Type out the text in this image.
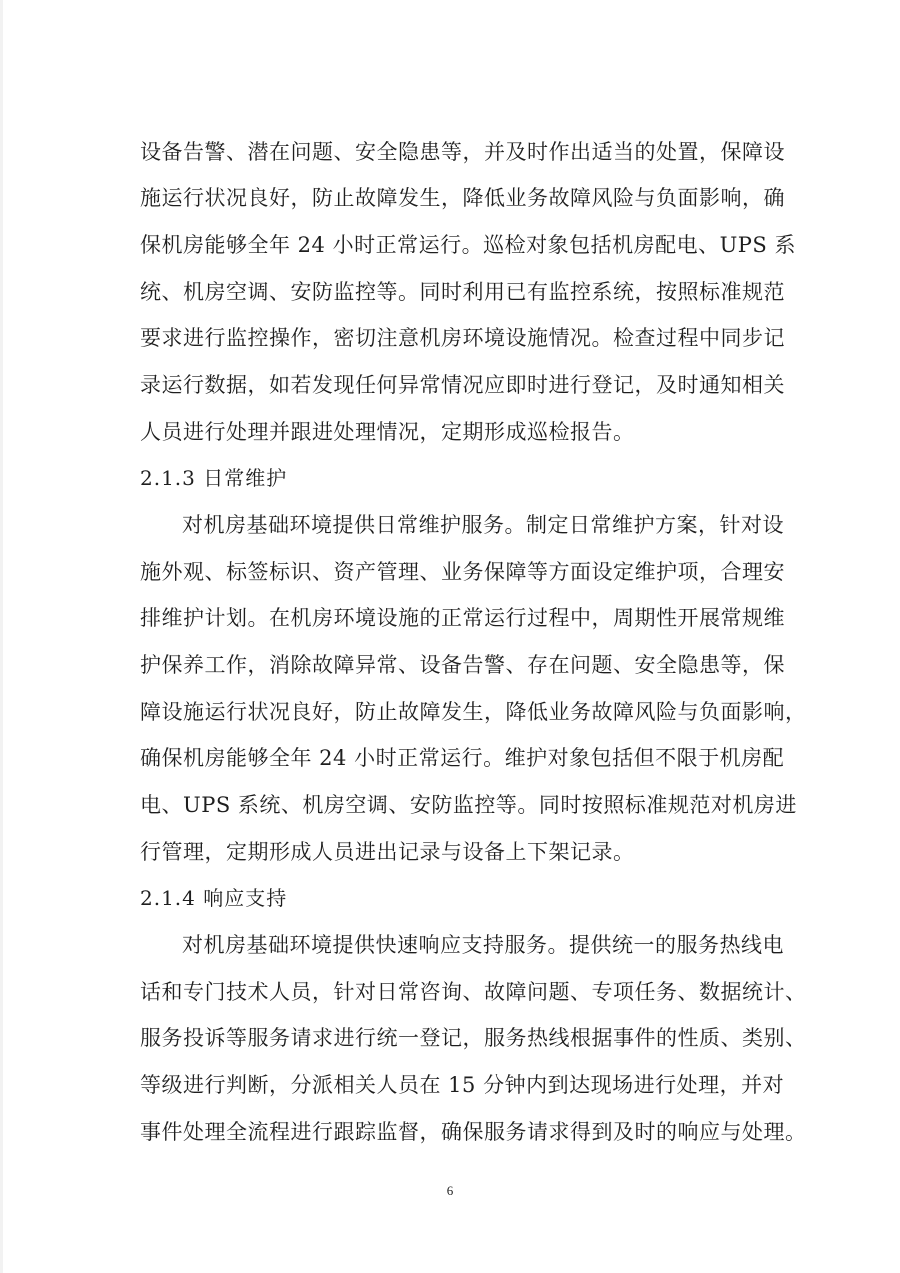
设备告警、潜在问题、安全隐患等，并及时作出适当的处置，保障设
施运行状况良好，防止故障发生，降低业务故障风险与负面影响，确
保机房能够全年 24 小时正常运行。巡检对象包括机房配电、UPS 系
统、机房空调、安防监控等。同时利用已有监控系统，按照标准规范
要求进行监控操作，密切注意机房环境设施情况。检查过程中同步记
录运行数据，如若发现任何异常情况应即时进行登记，及时通知相关
人员进行处理并跟进处理情况，定期形成巡检报告。
2.1.3 日常维护
对机房基础环境提供日常维护服务。制定日常维护方案，针对设
施外观、标签标识、资产管理、业务保障等方面设定维护项，合理安
排维护计划。在机房环境设施的正常运行过程中，周期性开展常规维
护保养工作，消除故障异常、设备告警、存在问题、安全隐患等，保
障设施运行状况良好，防止故障发生，降低业务故障风险与负面影响，
确保机房能够全年 24 小时正常运行。维护对象包括但不限于机房配
电、UPS 系统、机房空调、安防监控等。同时按照标准规范对机房进
行管理，定期形成人员进出记录与设备上下架记录。
2.1.4 响应支持
对机房基础环境提供快速响应支持服务。提供统一的服务热线电
话和专门技术人员，针对日常咨询、故障问题、专项任务、数据统计、
服务投诉等服务请求进行统一登记，服务热线根据事件的性质、类别、
等级进行判断，分派相关人员在 15 分钟内到达现场进行处理，并对
事件处理全流程进行跟踪监督，确保服务请求得到及时的响应与处理。
6
